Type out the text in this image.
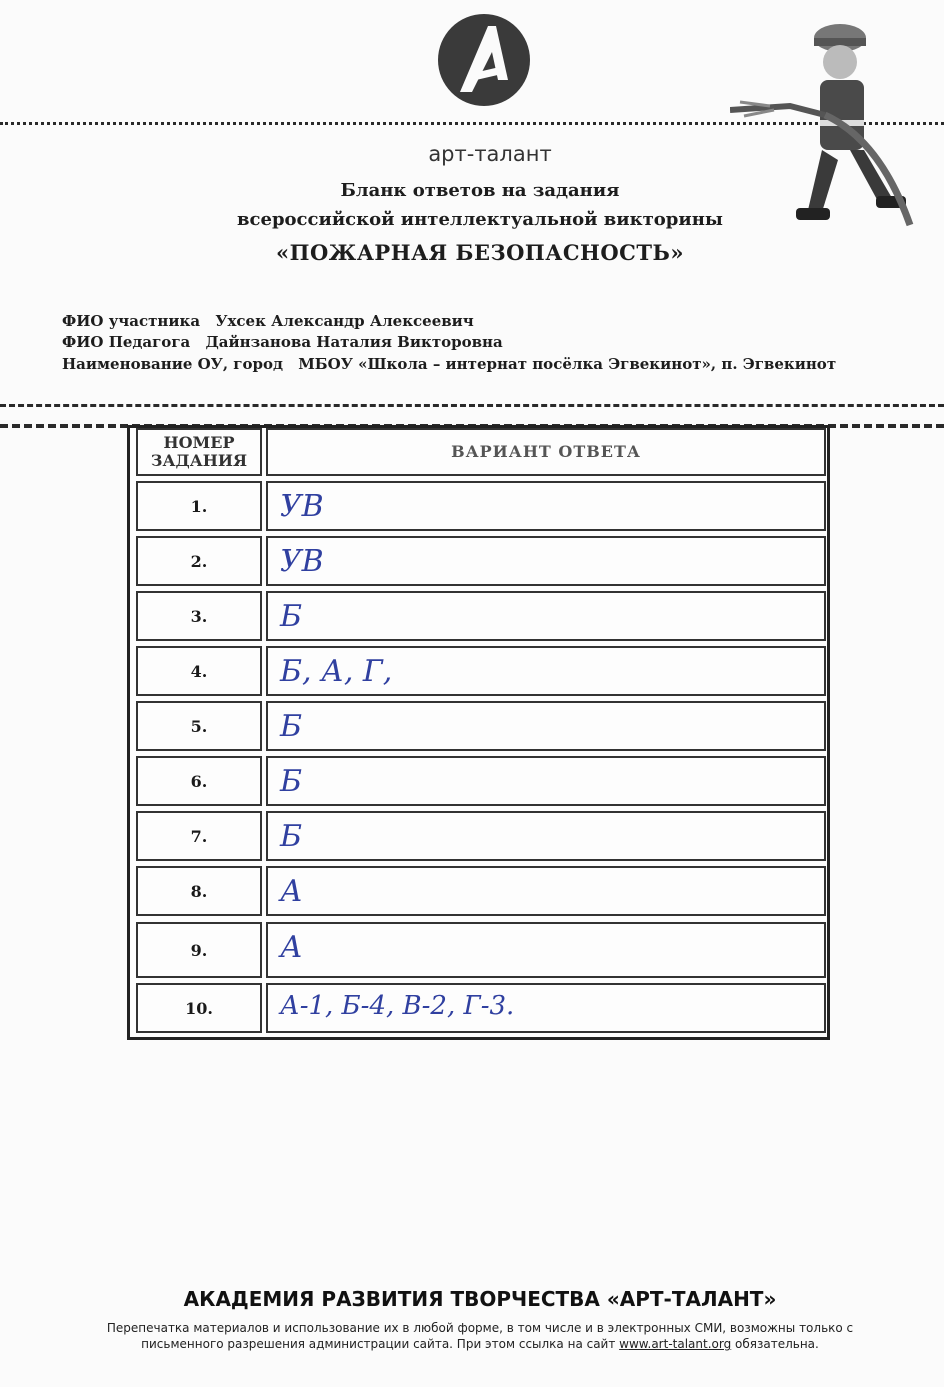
арт-талант
Бланк ответов на задания
всероссийской интеллектуальной викторины
«ПОЖАРНАЯ БЕЗОПАСНОСТЬ»
ФИО участника Ухсек Александр Алексеевич
ФИО Педагога Дайнзанова Наталия Викторовна
Наименование ОУ, город МБОУ «Школа – интернат посёлка Эгвекинот», п. Эгвекинот
НОМЕР ЗАДАНИЯ	ВАРИАНТ ОТВЕТА
1.	УВ
2.	УВ
3.	Б
4.	Б, А, Г,
5.	Б
6.	Б
7.	Б
8.	А
9.	А
10.	А-1, Б-4, В-2, Г-3.
АКАДЕМИЯ РАЗВИТИЯ ТВОРЧЕСТВА «АРТ-ТАЛАНТ»
Перепечатка материалов и использование их в любой форме, в том числе и в электронных СМИ, возможны только с
письменного разрешения администрации сайта. При этом ссылка на сайт www.art-talant.org обязательна.
